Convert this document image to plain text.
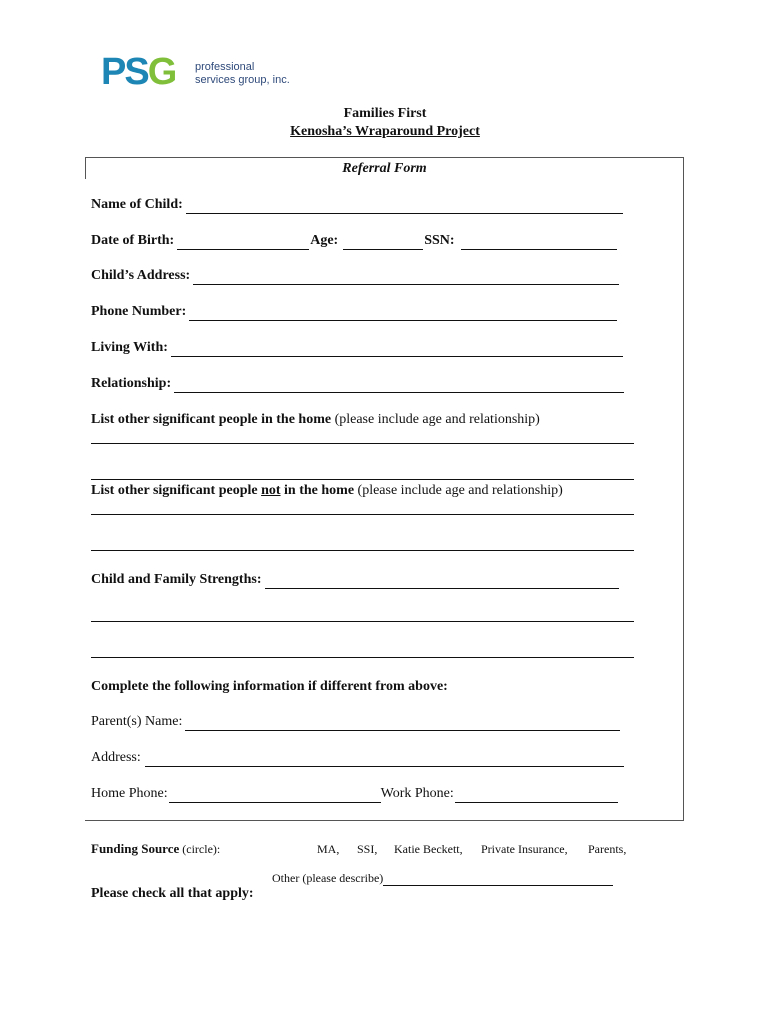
PSG professional
services group, inc.
Families First
Kenosha’s Wraparound Project
Referral Form
Name of Child:
Date of Birth:	Age:	SSN:
Child’s Address:
Phone Number:
Living With:
Relationship:
List other significant people in the home (please include age and relationship)
List other significant people not in the home (please include age and relationship)
Child and Family Strengths:
Complete the following information if different from above:
Parent(s) Name:
Address:
Home Phone:	Work Phone:
Funding Source (circle):	MA, SSI, Katie Beckett, Private Insurance, Parents,
Other (please describe)
Please check all that apply:
